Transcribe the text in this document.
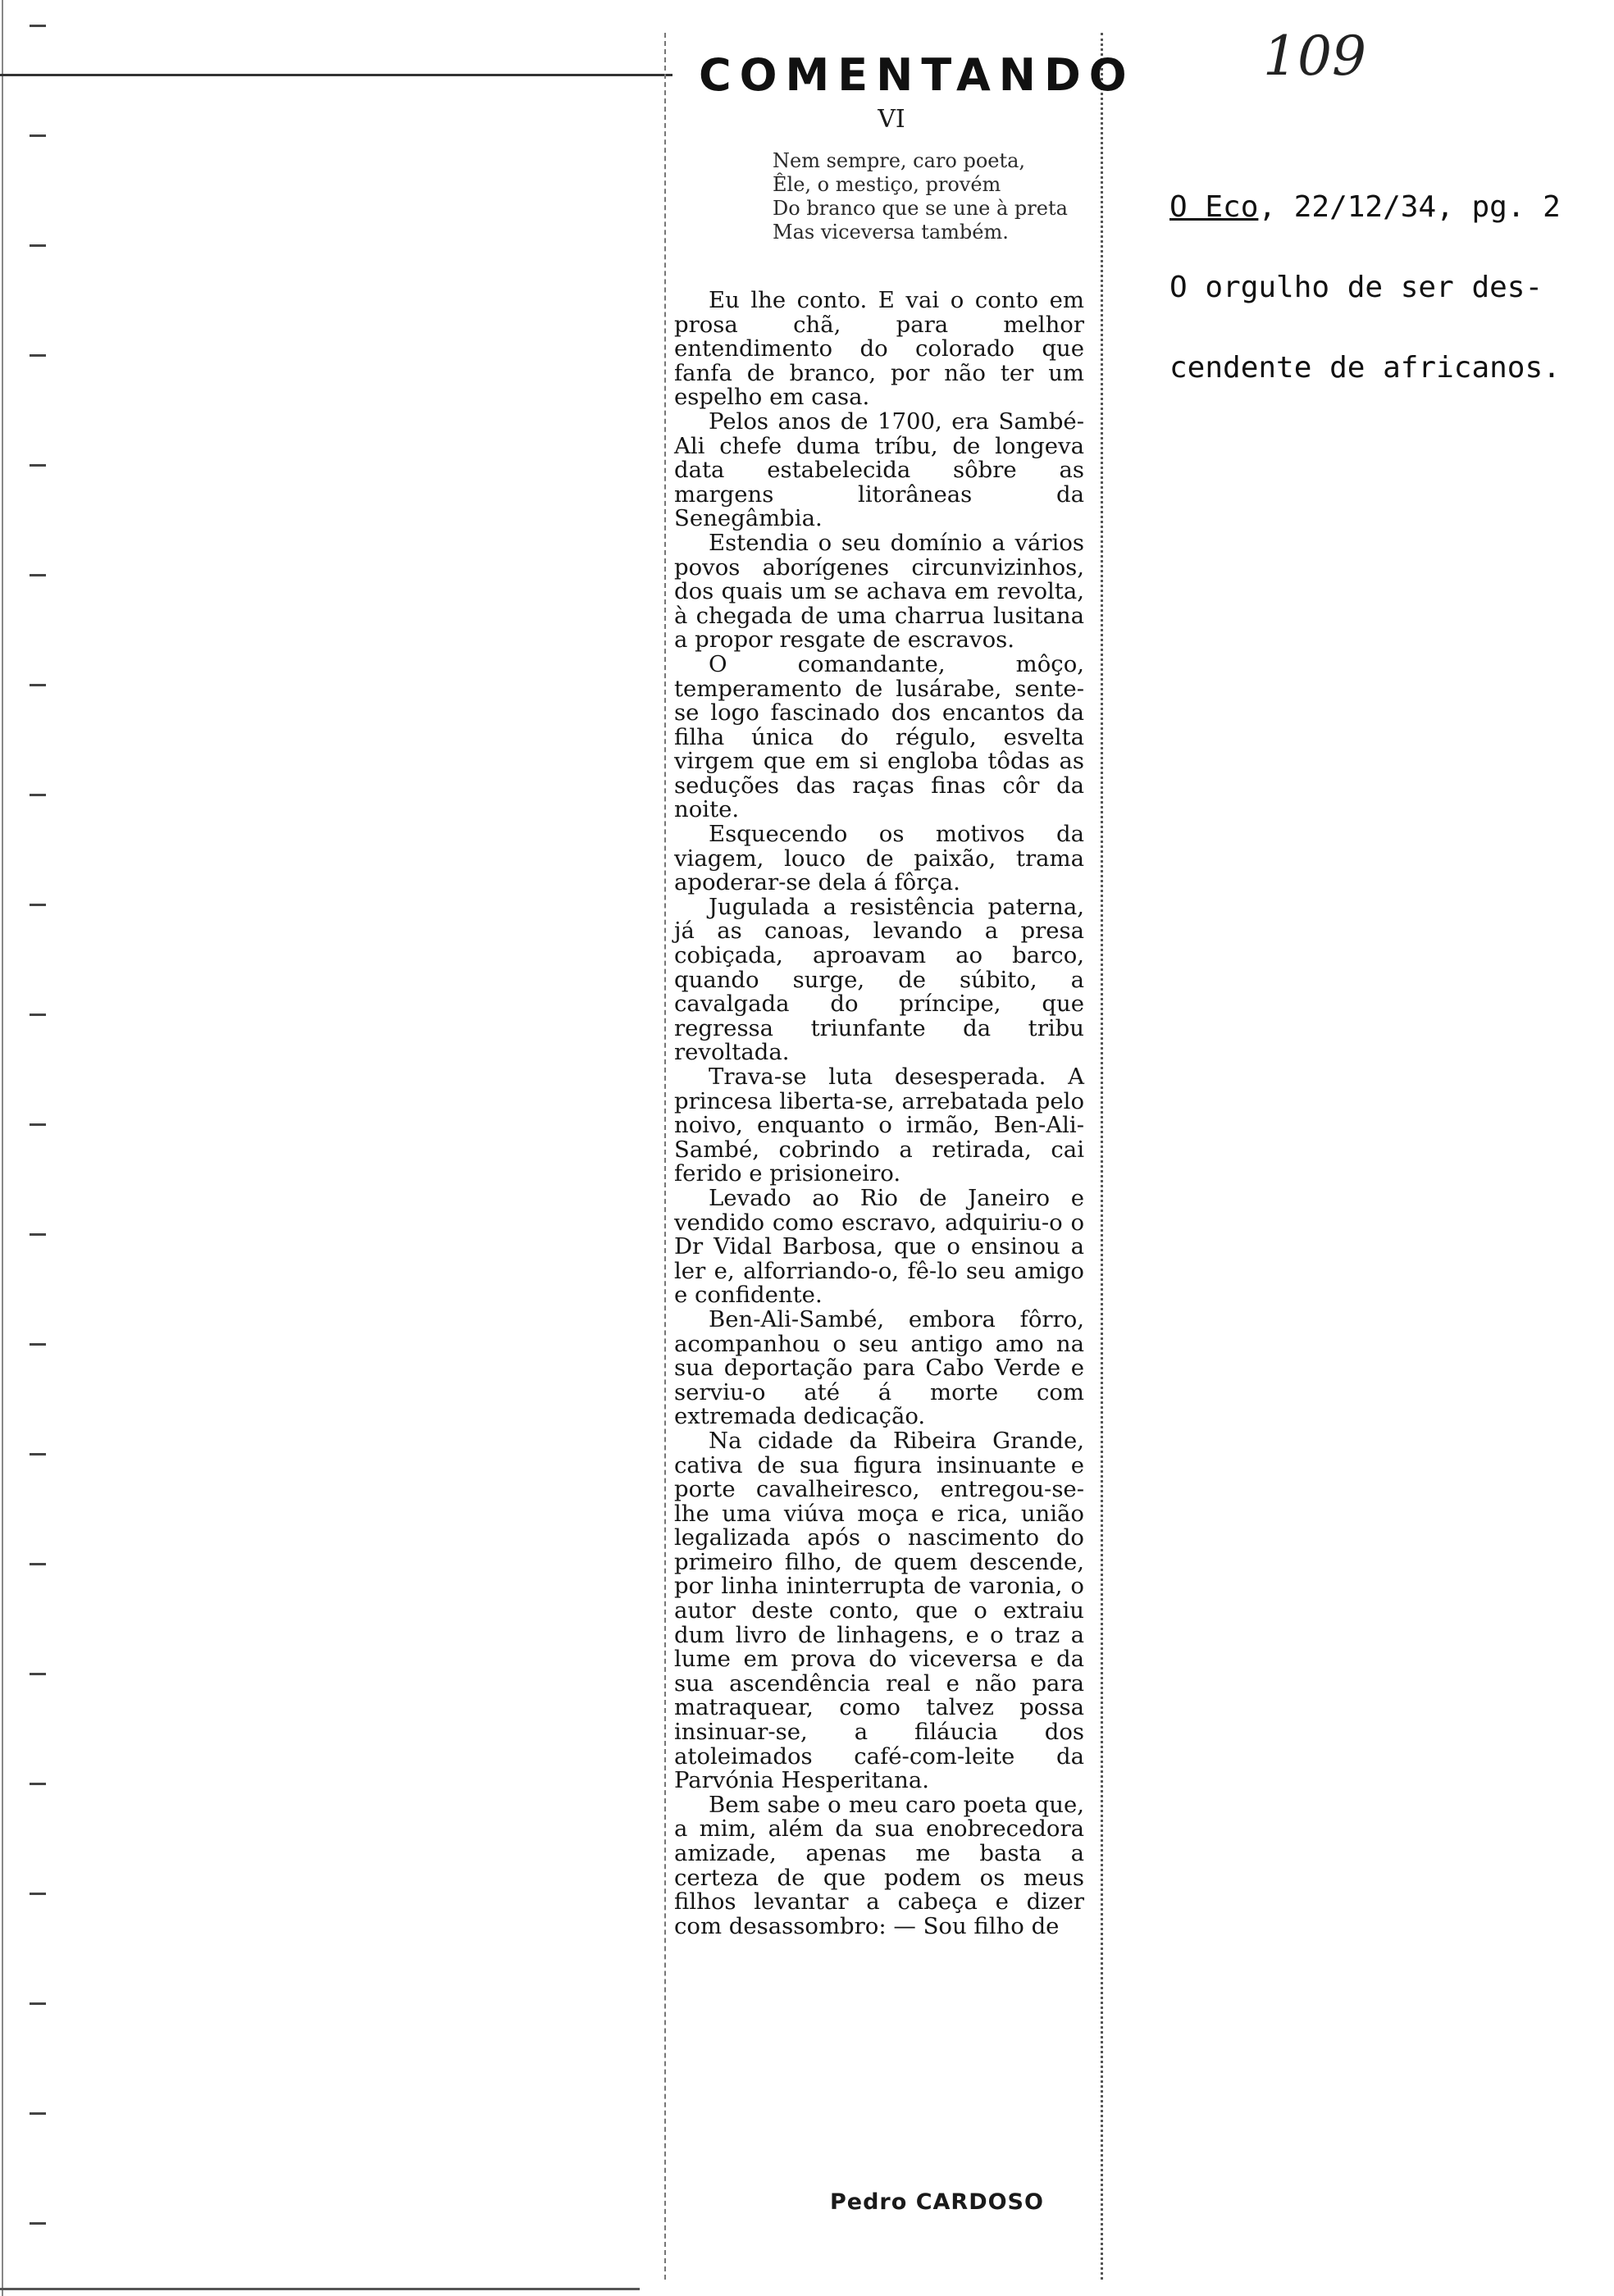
COMENTANDO
VI
Nem sempre, caro poeta,
Êle, o mestiço, provém
Do branco que se une à preta
Mas viceversa também.

Eu lhe conto. E vai o conto em prosa chã, para melhor entendimento do colorado que fanfa de branco, por não ter um espelho em casa.

Pelos anos de 1700, era Sambé-Ali chefe duma tríbu, de longeva data estabelecida sôbre as margens litorâneas da Senegâmbia.

Estendia o seu domínio a vários povos aborígenes circunvizinhos, dos quais um se achava em revolta, à chegada de uma charrua lusitana a propor resgate de escravos.

O comandante, môço, temperamento de lusárabe, sente-se logo fascinado dos encantos da filha única do régulo, esvelta virgem que em si engloba tôdas as seduções das raças finas côr da noite.

Esquecendo os motivos da viagem, louco de paixão, trama apoderar-se dela á fôrça.

Jugulada a resistência paterna, já as canoas, levando a presa cobiçada, aproavam ao barco, quando surge, de súbito, a cavalgada do príncipe, que regressa triunfante da tribu revoltada.

Trava-se luta desesperada. A princesa liberta-se, arrebatada pelo noivo, enquanto o irmão, Ben-Ali-Sambé, cobrindo a retirada, cai ferido e prisioneiro.

Levado ao Rio de Janeiro e vendido como escravo, adquiriu-o o Dr Vidal Barbosa, que o ensinou a ler e, alforriando-o, fê-lo seu amigo e confidente.

Ben-Ali-Sambé, embora fôrro, acompanhou o seu antigo amo na sua deportação para Cabo Verde e serviu-o até á morte com extremada dedicação.

Na cidade da Ribeira Grande, cativa de sua figura insinuante e porte cavalheiresco, entregou-se-lhe uma viúva moça e rica, união legalizada após o nascimento do primeiro filho, de quem descende, por linha ininterrupta de varonia, o autor deste conto, que o extraiu dum livro de linhagens, e o traz a lume em prova do viceversa e da sua ascendência real e não para matraquear, como talvez possa insinuar-se, a filáucia dos atoleimados café-com-leite da Parvónia Hesperitana.

Bem sabe o meu caro poeta que, a mim, além da sua enobrecedora amizade, apenas me basta a certeza de que podem os meus filhos levantar a cabeça e dizer com desassombro: — Sou filho de

Pedro CARDOSO
109
O Eco, 22/12/34, pg. 2
O orgulho de ser des-
cendente de africanos.
